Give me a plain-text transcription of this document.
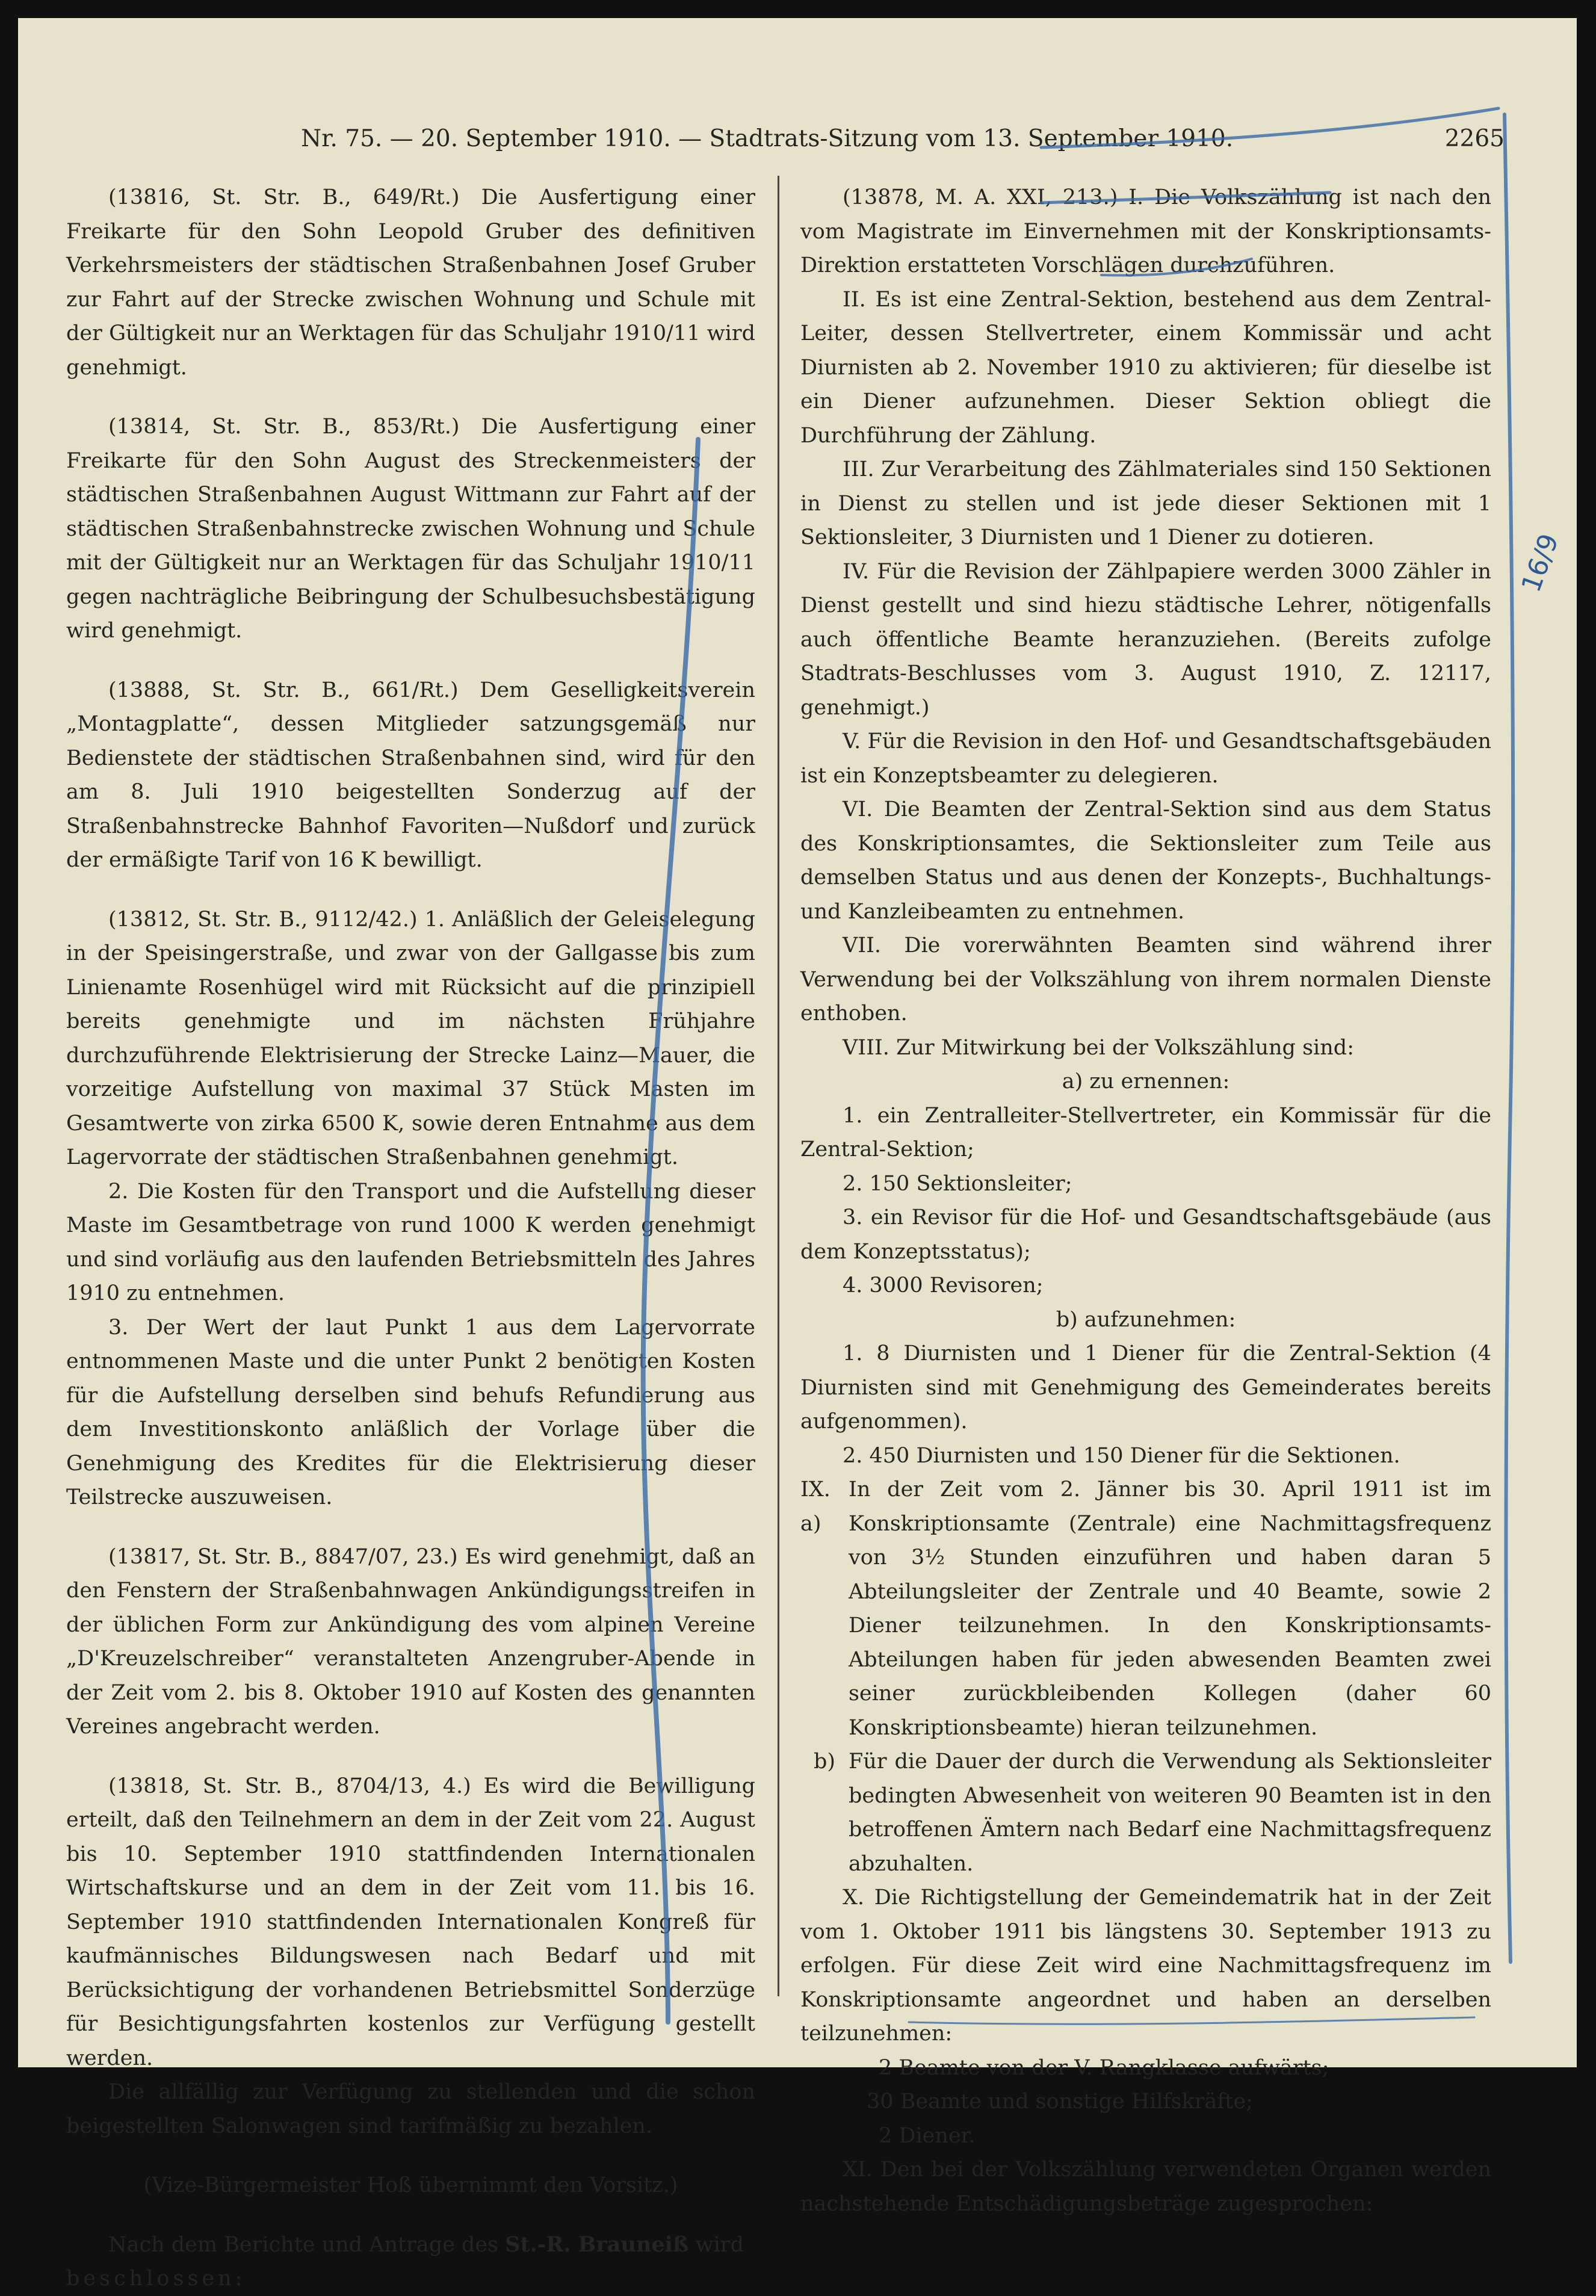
Nr. 75. — 20. September 1910. — Stadtrats-Sitzung vom 13. September 1910.	2265

(13816, St. Str. B., 649/Rt.) Die Ausfertigung einer Freikarte für den Sohn Leopold Gruber des definitiven Verkehrsmeisters der städtischen Straßenbahnen Josef Gruber zur Fahrt auf der Strecke zwischen Wohnung und Schule mit der Gültigkeit nur an Werktagen für das Schuljahr 1910/11 wird genehmigt.

(13814, St. Str. B., 853/Rt.) Die Ausfertigung einer Freikarte für den Sohn August des Streckenmeisters der städtischen Straßenbahnen August Wittmann zur Fahrt auf der städtischen Straßenbahnstrecke zwischen Wohnung und Schule mit der Gültigkeit nur an Werktagen für das Schuljahr 1910/11 gegen nachträgliche Beibringung der Schulbesuchsbestätigung wird genehmigt.

(13888, St. Str. B., 661/Rt.) Dem Geselligkeitsverein „Montagplatte“, dessen Mitglieder satzungsgemäß nur Bedienstete der städtischen Straßenbahnen sind, wird für den am 8. Juli 1910 beigestellten Sonderzug auf der Straßenbahnstrecke Bahnhof Favoriten—Nußdorf und zurück der ermäßigte Tarif von 16 K bewilligt.

(13812, St. Str. B., 9112/42.) 1. Anläßlich der Geleiselegung in der Speisingerstraße, und zwar von der Gallgasse bis zum Linienamte Rosenhügel wird mit Rücksicht auf die prinzipiell bereits genehmigte und im nächsten Frühjahre durchzuführende Elektrisierung der Strecke Lainz—Mauer, die vorzeitige Aufstellung von maximal 37 Stück Masten im Gesamtwerte von zirka 6500 K, sowie deren Entnahme aus dem Lagervorrate der städtischen Straßenbahnen genehmigt.

2. Die Kosten für den Transport und die Aufstellung dieser Maste im Gesamtbetrage von rund 1000 K werden genehmigt und sind vorläufig aus den laufenden Betriebsmitteln des Jahres 1910 zu entnehmen.

3. Der Wert der laut Punkt 1 aus dem Lagervorrate entnommenen Maste und die unter Punkt 2 benötigten Kosten für die Aufstellung derselben sind behufs Refundierung aus dem Investitionskonto anläßlich der Vorlage über die Genehmigung des Kredites für die Elektrisierung dieser Teilstrecke auszuweisen.

(13817, St. Str. B., 8847/07, 23.) Es wird genehmigt, daß an den Fenstern der Straßenbahnwagen Ankündigungsstreifen in der üblichen Form zur Ankündigung des vom alpinen Vereine „D'Kreuzelschreiber“ veranstalteten Anzengruber-Abende in der Zeit vom 2. bis 8. Oktober 1910 auf Kosten des genannten Vereines angebracht werden.

(13818, St. Str. B., 8704/13, 4.) Es wird die Bewilligung erteilt, daß den Teilnehmern an dem in der Zeit vom 22. August bis 10. September 1910 stattfindenden Internationalen Wirtschaftskurse und an dem in der Zeit vom 11. bis 16. September 1910 stattfindenden Internationalen Kongreß für kaufmännisches Bildungswesen nach Bedarf und mit Berücksichtigung der vorhandenen Betriebsmittel Sonderzüge für Besichtigungsfahrten kostenlos zur Verfügung gestellt werden.

Die allfällig zur Verfügung zu stellenden und die schon beigestellten Salonwagen sind tarifmäßig zu bezahlen.

(Vize-Bürgermeister Hoß übernimmt den Vorsitz.)

Nach dem Berichte und Antrage des St.-R. Brauneiß wird

beschlossen:

(13878, M. A. XXI, 213.) I. Die Volkszählung ist nach den vom Magistrate im Einvernehmen mit der Konskriptionsamts-Direktion erstatteten Vorschlägen durchzuführen.

II. Es ist eine Zentral-Sektion, bestehend aus dem Zentral-Leiter, dessen Stellvertreter, einem Kommissär und acht Diurnisten ab 2. November 1910 zu aktivieren; für dieselbe ist ein Diener aufzunehmen. Dieser Sektion obliegt die Durchführung der Zählung.

III. Zur Verarbeitung des Zählmateriales sind 150 Sektionen in Dienst zu stellen und ist jede dieser Sektionen mit 1 Sektionsleiter, 3 Diurnisten und 1 Diener zu dotieren.

IV. Für die Revision der Zählpapiere werden 3000 Zähler in Dienst gestellt und sind hiezu städtische Lehrer, nötigenfalls auch öffentliche Beamte heranzuziehen. (Bereits zufolge Stadtrats-Beschlusses vom 3. August 1910, Z. 12117, genehmigt.)

V. Für die Revision in den Hof- und Gesandtschaftsgebäuden ist ein Konzeptsbeamter zu delegieren.

VI. Die Beamten der Zentral-Sektion sind aus dem Status des Konskriptionsamtes, die Sektionsleiter zum Teile aus demselben Status und aus denen der Konzepts-, Buchhaltungs- und Kanzleibeamten zu entnehmen.

VII. Die vorerwähnten Beamten sind während ihrer Verwendung bei der Volkszählung von ihrem normalen Dienste enthoben.

VIII. Zur Mitwirkung bei der Volkszählung sind:

a) zu ernennen:

1. ein Zentralleiter-Stellvertreter, ein Kommissär für die Zentral-Sektion;

2. 150 Sektionsleiter;

3. ein Revisor für die Hof- und Gesandtschaftsgebäude (aus dem Konzeptsstatus);

4. 3000 Revisoren;

b) aufzunehmen:

1. 8 Diurnisten und 1 Diener für die Zentral-Sektion (4 Diurnisten sind mit Genehmigung des Gemeinderates bereits aufgenommen).

2. 450 Diurnisten und 150 Diener für die Sektionen.

IX. a)
In der Zeit vom 2. Jänner bis 30. April 1911 ist im Konskriptionsamte (Zentrale) eine Nachmittagsfrequenz von 3½ Stunden einzuführen und haben daran 5 Abteilungsleiter der Zentrale und 40 Beamte, sowie 2 Diener teilzunehmen. In den Konskriptionsamts-Abteilungen haben für jeden abwesenden Beamten zwei seiner zurückbleibenden Kollegen (daher 60 Konskriptionsbeamte) hieran teilzunehmen.
b) Für die Dauer der durch die Verwendung als Sektionsleiter bedingten Abwesenheit von weiteren 90 Beamten ist in den betroffenen Ämtern nach Bedarf eine Nachmittagsfrequenz abzuhalten.

X. Die Richtigstellung der Gemeindematrik hat in der Zeit vom 1. Oktober 1911 bis längstens 30. September 1913 zu erfolgen. Für diese Zeit wird eine Nachmittagsfrequenz im Konskriptionsamte angeordnet und haben an derselben teilzunehmen:

2 Beamte von der V. Rangklasse aufwärts;

30 Beamte und sonstige Hilfskräfte;

2 Diener.

XI. Den bei der Volkszählung verwendeten Organen werden nachstehende Entschädigungsbeträge zugesprochen:

16/9
